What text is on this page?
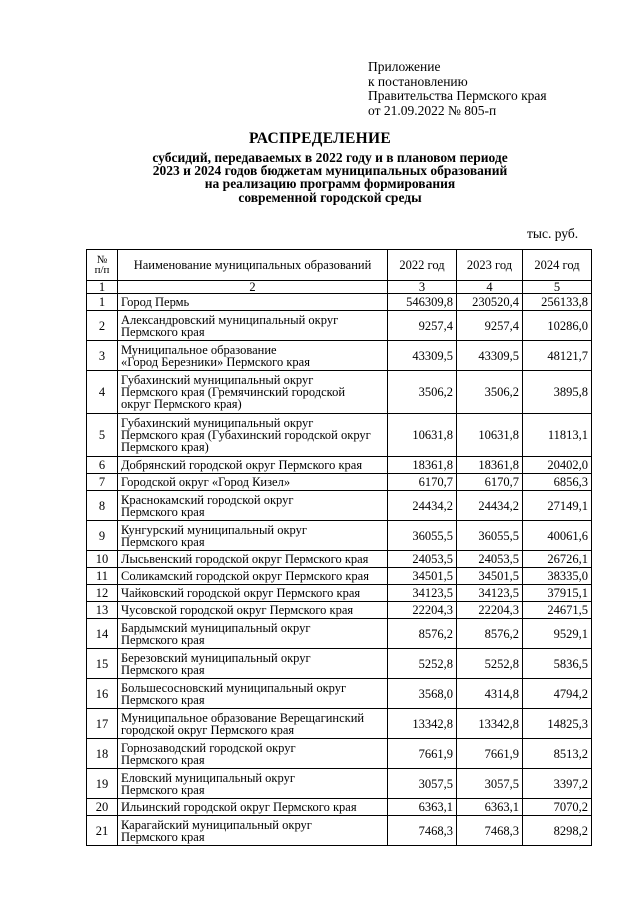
Приложение
к постановлению
Правительства Пермского края
от 21.09.2022 № 805-п
РАСПРЕДЕЛЕНИЕ
субсидий, передаваемых в 2022 году и в плановом периоде
2023 и 2024 годов бюджетам муниципальных образований
на реализацию программ формирования
современной городской среды
тыс. руб.
№
п/п	Наименование муниципальных образований	2022 год	2023 год	2024 год
1	2	3	4	5
1	Город Пермь	546309,8	230520,4	256133,8
2	Александровский муниципальный округ
Пермского края	9257,4	9257,4	10286,0
3	Муниципальное образование
«Город Березники» Пермского края	43309,5	43309,5	48121,7
4	Губахинский муниципальный округ
Пермского края (Гремячинский городской
округ Пермского края)	3506,2	3506,2	3895,8
5	Губахинский муниципальный округ
Пермского края (Губахинский городской округ
Пермского края)	10631,8	10631,8	11813,1
6	Добрянский городской округ Пермского края	18361,8	18361,8	20402,0
7	Городской округ «Город Кизел»	6170,7	6170,7	6856,3
8	Краснокамский городской округ
Пермского края	24434,2	24434,2	27149,1
9	Кунгурский муниципальный округ
Пермского края	36055,5	36055,5	40061,6
10	Лысьвенский городской округ Пермского края	24053,5	24053,5	26726,1
11	Соликамский городской округ Пермского края	34501,5	34501,5	38335,0
12	Чайковский городской округ Пермского края	34123,5	34123,5	37915,1
13	Чусовской городской округ Пермского края	22204,3	22204,3	24671,5
14	Бардымский муниципальный округ
Пермского края	8576,2	8576,2	9529,1
15	Березовский муниципальный округ
Пермского края	5252,8	5252,8	5836,5
16	Большесосновский муниципальный округ
Пермского края	3568,0	4314,8	4794,2
17	Муниципальное образование Верещагинский
городской округ Пермского края	13342,8	13342,8	14825,3
18	Горнозаводский городской округ
Пермского края	7661,9	7661,9	8513,2
19	Еловский муниципальный округ
Пермского края	3057,5	3057,5	3397,2
20	Ильинский городской округ Пермского края	6363,1	6363,1	7070,2
21	Карагайский муниципальный округ
Пермского края	7468,3	7468,3	8298,2
